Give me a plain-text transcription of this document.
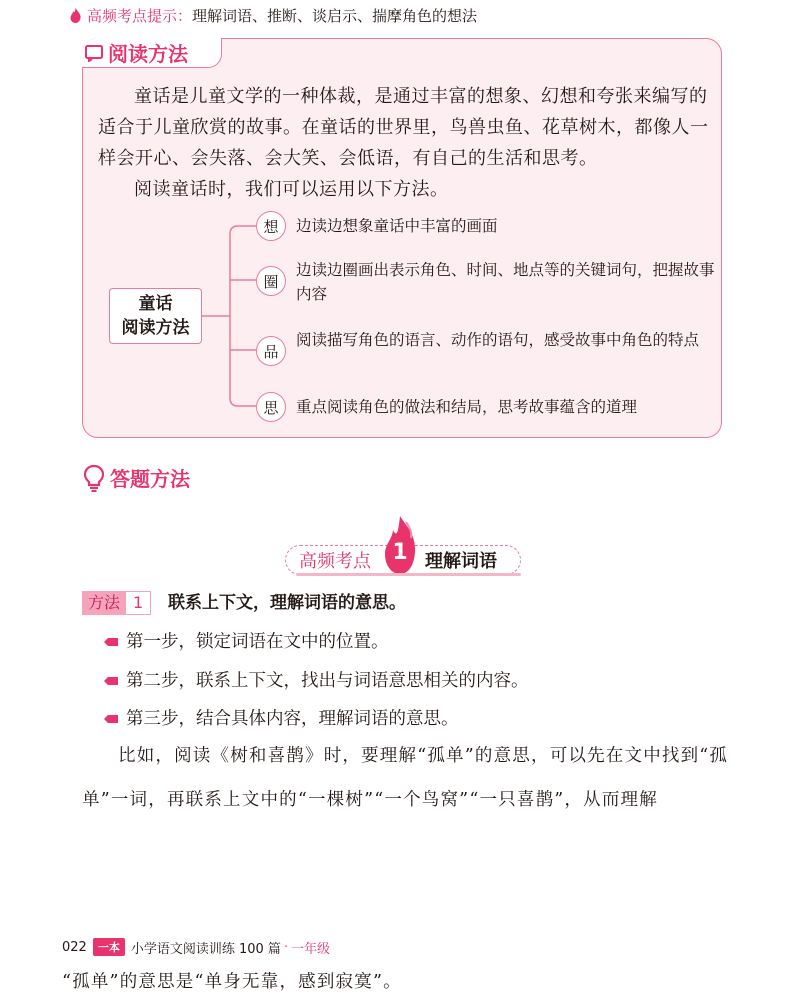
高频考点提示： 理解词语、推断、谈启示、揣摩角色的想法
阅读方法
童话是儿童文学的一种体裁，是通过丰富的想象、幻想和夸张来编写的适合于儿童欣赏的故事。在童话的世界里，鸟兽虫鱼、花草树木，都像人一样会开心、会失落、会大笑、会低语，有自己的生活和思考。
阅读童话时，我们可以运用以下方法。
童话
阅读方法
想	边读边想象童话中丰富的画面
圈
边读边圈画出表示角色、时间、地点等的关键词句，把握故事内容
品
阅读描写角色的语言、动作的语句，感受故事中角色的特点
思	重点阅读角色的做法和结局，思考故事蕴含的道理
答题方法
高频考点	理解词语
1
方法 1	联系上下文，理解词语的意思。
第一步，锁定词语在文中的位置。
第二步，联系上下文，找出与词语意思相关的内容。
第三步，结合具体内容，理解词语的意思。
比如，阅读《树和喜鹊》时，要理解“孤单”的意思，可以先在文中找到“孤单”一词，再联系上文中的“一棵树”“一个鸟窝”“一只喜鹊”，从而理解
022	一本 小学语文阅读训练 100 篇 · 一年级
“孤单”的意思是“单身无靠，感到寂寞”。
